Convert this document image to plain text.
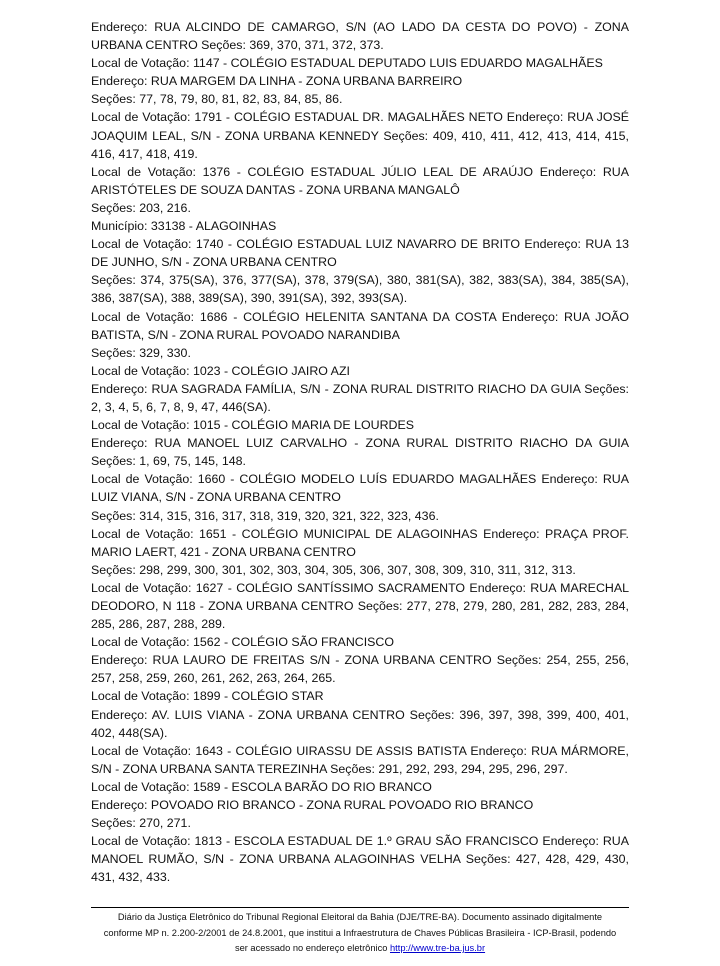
Endereço: RUA ALCINDO DE CAMARGO, S/N (AO LADO DA CESTA DO POVO) - ZONA URBANA CENTRO Seções: 369, 370, 371, 372, 373.

Local de Votação: 1147 - COLÉGIO ESTADUAL DEPUTADO LUIS EDUARDO MAGALHÃES

Endereço: RUA MARGEM DA LINHA - ZONA URBANA BARREIRO

Seções: 77, 78, 79, 80, 81, 82, 83, 84, 85, 86.

Local de Votação: 1791 - COLÉGIO ESTADUAL DR. MAGALHÃES NETO Endereço: RUA JOSÉ JOAQUIM LEAL, S/N - ZONA URBANA KENNEDY Seções: 409, 410, 411, 412, 413, 414, 415, 416, 417, 418, 419.

Local de Votação: 1376 - COLÉGIO ESTADUAL JÚLIO LEAL DE ARAÚJO Endereço: RUA ARISTÓTELES DE SOUZA DANTAS - ZONA URBANA MANGALÔ

Seções: 203, 216.

Município: 33138 - ALAGOINHAS

Local de Votação: 1740 - COLÉGIO ESTADUAL LUIZ NAVARRO DE BRITO Endereço: RUA 13 DE JUNHO, S/N - ZONA URBANA CENTRO

Seções: 374, 375(SA), 376, 377(SA), 378, 379(SA), 380, 381(SA), 382, 383(SA), 384, 385(SA), 386, 387(SA), 388, 389(SA), 390, 391(SA), 392, 393(SA).

Local de Votação: 1686 - COLÉGIO HELENITA SANTANA DA COSTA Endereço: RUA JOÃO BATISTA, S/N - ZONA RURAL POVOADO NARANDIBA

Seções: 329, 330.

Local de Votação: 1023 - COLÉGIO JAIRO AZI

Endereço: RUA SAGRADA FAMÍLIA, S/N - ZONA RURAL DISTRITO RIACHO DA GUIA Seções: 2, 3, 4, 5, 6, 7, 8, 9, 47, 446(SA).

Local de Votação: 1015 - COLÉGIO MARIA DE LOURDES

Endereço: RUA MANOEL LUIZ CARVALHO - ZONA RURAL DISTRITO RIACHO DA GUIA Seções: 1, 69, 75, 145, 148.

Local de Votação: 1660 - COLÉGIO MODELO LUÍS EDUARDO MAGALHÃES Endereço: RUA LUIZ VIANA, S/N - ZONA URBANA CENTRO

Seções: 314, 315, 316, 317, 318, 319, 320, 321, 322, 323, 436.

Local de Votação: 1651 - COLÉGIO MUNICIPAL DE ALAGOINHAS Endereço: PRAÇA PROF. MARIO LAERT, 421 - ZONA URBANA CENTRO

Seções: 298, 299, 300, 301, 302, 303, 304, 305, 306, 307, 308, 309, 310, 311, 312, 313.

Local de Votação: 1627 - COLÉGIO SANTÍSSIMO SACRAMENTO Endereço: RUA MARECHAL DEODORO, N 118 - ZONA URBANA CENTRO Seções: 277, 278, 279, 280, 281, 282, 283, 284, 285, 286, 287, 288, 289.

Local de Votação: 1562 - COLÉGIO SÃO FRANCISCO

Endereço: RUA LAURO DE FREITAS S/N - ZONA URBANA CENTRO Seções: 254, 255, 256, 257, 258, 259, 260, 261, 262, 263, 264, 265.

Local de Votação: 1899 - COLÉGIO STAR

Endereço: AV. LUIS VIANA - ZONA URBANA CENTRO Seções: 396, 397, 398, 399, 400, 401, 402, 448(SA).

Local de Votação: 1643 - COLÉGIO UIRASSU DE ASSIS BATISTA Endereço: RUA MÁRMORE, S/N - ZONA URBANA SANTA TEREZINHA Seções: 291, 292, 293, 294, 295, 296, 297.

Local de Votação: 1589 - ESCOLA BARÃO DO RIO BRANCO

Endereço: POVOADO RIO BRANCO - ZONA RURAL POVOADO RIO BRANCO

Seções: 270, 271.

Local de Votação: 1813 - ESCOLA ESTADUAL DE 1.º GRAU SÃO FRANCISCO Endereço: RUA MANOEL RUMÃO, S/N - ZONA URBANA ALAGOINHAS VELHA Seções: 427, 428, 429, 430, 431, 432, 433.

Diário da Justiça Eletrônico do Tribunal Regional Eleitoral da Bahia (DJE/TRE-BA). Documento assinado digitalmente
conforme MP n. 2.200-2/2001 de 24.8.2001, que institui a Infraestrutura de Chaves Públicas Brasileira - ICP-Brasil, podendo
ser acessado no endereço eletrônico http://www.tre-ba.jus.br
